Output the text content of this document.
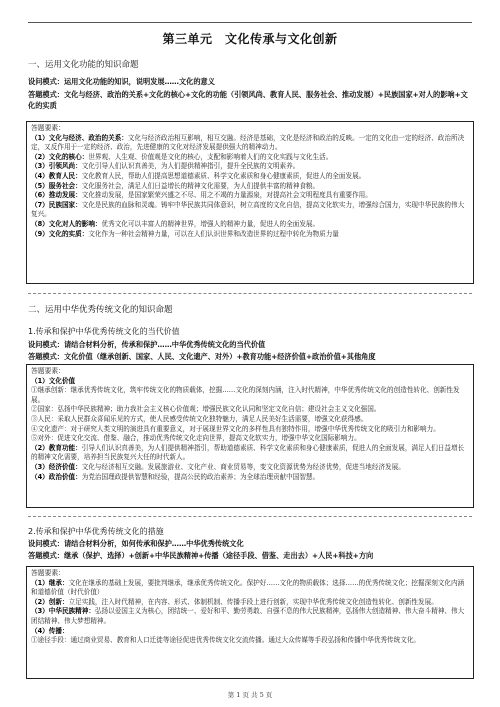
第三单元　文化传承与文化创新
一、运用文化功能的知识命题
设问模式：运用文化功能的知识，说明发展……文化的意义
答题模式：文化与经济、政治的关系+文化的核心+文化的功能（引领风尚、教育人民、服务社会、推动发展）+民族国家+对人的影响+文化的实质

答题要素：

（1）文化与经济、政治的关系：文化与经济政治相互影响，相互交融。经济是基础，文化是经济和政治的反映。一定的文化由一定的经济、政治所决定，又反作用于一定的经济、政治，先进健康的文化对经济发展提供强大的精神动力。

（2）文化的核心：世界观、人生观、价值观是文化的核心，支配和影响着人们的文化实践与文化生活。

（3）引领风尚：文化引导人们认识真善美，为人们提供精神指引，提升全民族的文明素养。

（4）教育人民：文化教育人民，帮助人们提高思想道德素质、科学文化素质和身心健康素质，促进人的全面发展。

（5）服务社会：文化服务社会，满足人们日益增长的精神文化需要，为人们提供丰富的精神食粮。

（6）推动发展：文化推动发展，是国家繁荣兴盛之不尽、用之不竭的力量源泉，对提高社会文明程度具有重要作用。

（7）民族国家：文化是民族的血脉和灵魂。铸牢中华民族共同体意识，树立高度的文化自信，提高文化软实力，增强综合国力，实现中华民族的伟大复兴。

（8）文化对人的影响：优秀文化可以丰富人的精神世界，增强人的精神力量，促进人的全面发展。

（9）文化的实质：文化作为一种社会精神力量，可以在人们认识世界和改造世界的过程中转化为物质力量

二、运用中华优秀传统文化的知识命题
1.传承和保护中华优秀传统文化的当代价值
设问模式：请结合材料分析，传承和保护……中华优秀传统文化的当代价值
答题模式：文化价值（继承创新、国家、人民、文化遗产、对外）+教育功能+经济价值+政治价值+其他角度

答题要素：

（1）文化价值

①继承创新：继承优秀传统文化，筑牢传统文化的物质载体，挖掘……文化的深刻内涵，注入时代精神，中华优秀传统文化的创造性转化、创新性发展。

②国家：弘扬中华民族精神；助力我社会主义核心价值观；增强民族文化认同和坚定文化自信；建设社会主义文化强国。

③人民：采取人民群众喜闻乐见的方式，使人民感受传统文化独特魅力，满足人民美好生活需要，增强文化获得感。

④文化遗产：对于研究人类文明的演进具有重要意义，对于展现世界文化的多样性具有独特作用，增强中华优秀传统文化的吸引力和影响力。

⑤对外：促进文化交流、借鉴、融合，推动优秀传统文化走向世界，提高文化软实力，增强中华文化国际影响力。

（2）教育功能：引导人们认识真善美，为人们提供精神指引，帮助道德素质、科学文化素质和身心健康素质，促进人的全面发展，满足人们日益增长的精神文化需要，培养担当民族复兴大任的时代新人。

（3）经济价值：文化与经济相互交融。发展旅游业、文化产业、商业贸易等，变文化资源优势为经济优势，促进当地经济发展。

（4）政治价值：为党治国理政提供智慧和经验，提高公民的政治素养；为全球治理贡献中国智慧。

2.传承和保护中华优秀传统文化的措施
设问模式：请结合材料分析，如何传承和保护……中华优秀传统文化
答题模式：继承（保护、选择）+创新+中华民族精神+传播（途径手段、借鉴、走出去）+人民+科技+方向

答题要素：

（1）继承：文化在继承的基础上发展，要批判继承，继承优秀传统文化。保护好……文化的物质载体；选择……的优秀传统文化；挖掘深刻文化内涵和道德价值（时代价值）

（2）创新：立足实践，注入时代精神，在内容、形式、体制机制、传播手段上进行创新，实现中华优秀传统文化创造性转化、创新性发展。

（3）中华民族精神：弘扬以爱国主义为核心，团结统一、爱好和平、勤劳勇敢、自强不息的伟大民族精神，弘扬伟大创造精神、伟大奋斗精神、伟大团结精神、伟大梦想精神。

（4）传播：

①途径手段：通过商业贸易、教育和人口迁徙等途径促进优秀传统文化交流传播。通过大众传媒等手段弘扬和传播中华优秀传统文化。

第 1 页 共 5 页
